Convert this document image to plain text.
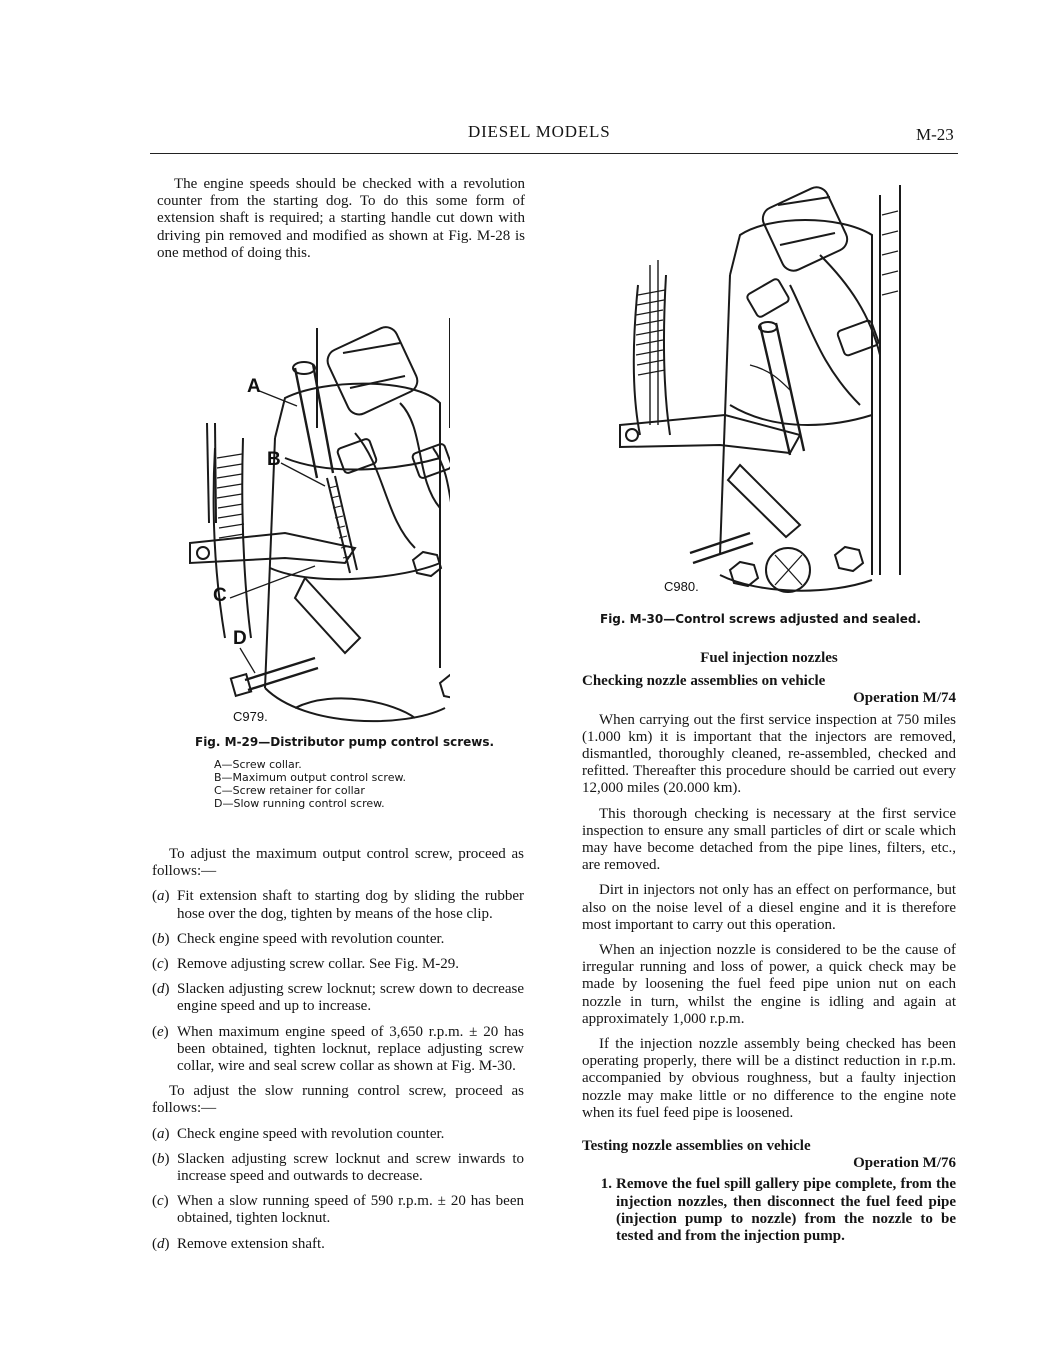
DIESEL MODELS	M-23

The engine speeds should be checked with a revolution counter from the starting dog. To do this some form of extension shaft is required; a starting handle cut down with driving pin removed and modified as shown at Fig. M-28 is one method of doing this.

A
B
C
D
C979.
Fig. M-29—Distributor pump control screws.
A—Screw collar.
B—Maximum output control screw.
C—Screw retainer for collar
D—Slow running control screw.

To adjust the maximum output control screw, proceed as follows:—

(a) Fit extension shaft to starting dog by sliding the rubber hose over the dog, tighten by means of the hose clip.
(b) Check engine speed with revolution counter.
(c) Remove adjusting screw collar. See Fig. M-29.
(d) Slacken adjusting screw locknut; screw down to decrease engine speed and up to increase.
(e) When maximum engine speed of 3,650 r.p.m. ± 20 has been obtained, tighten locknut, replace adjusting screw collar, wire and seal screw collar as shown at Fig. M-30.

To adjust the slow running control screw, proceed as follows:—

(a) Check engine speed with revolution counter.
(b) Slacken adjusting screw locknut and screw inwards to increase speed and outwards to decrease.
(c) When a slow running speed of 590 r.p.m. ± 20 has been obtained, tighten locknut.
(d) Remove extension shaft.
C980.
Fig. M-30—Control screws adjusted and sealed.

Fuel injection nozzles

Checking nozzle assemblies on vehicle

Operation M/74

When carrying out the first service inspection at 750 miles (1.000 km) it is important that the injectors are removed, dismantled, thoroughly cleaned, re-assembled, checked and refitted. Thereafter this procedure should be carried out every 12,000 miles (20.000 km).

This thorough checking is necessary at the first service inspection to ensure any small particles of dirt or scale which may have become detached from the pipe lines, filters, etc., are removed.

Dirt in injectors not only has an effect on performance, but also on the noise level of a diesel engine and it is therefore most important to carry out this operation.

When an injection nozzle is considered to be the cause of irregular running and loss of power, a quick check may be made by loosening the fuel feed pipe union nut on each nozzle in turn, whilst the engine is idling and again at approximately 1,000 r.p.m.

If the injection nozzle assembly being checked has been operating properly, there will be a distinct reduction in r.p.m. accompanied by obvious roughness, but a faulty injection nozzle may make little or no difference to the engine note when its fuel feed pipe is loosened.

Testing nozzle assemblies on vehicle

Operation M/76

1. Remove the fuel spill gallery pipe complete, from the injection nozzles, then disconnect the fuel feed pipe (injection pump to nozzle) from the nozzle to be tested and from the injection pump.
